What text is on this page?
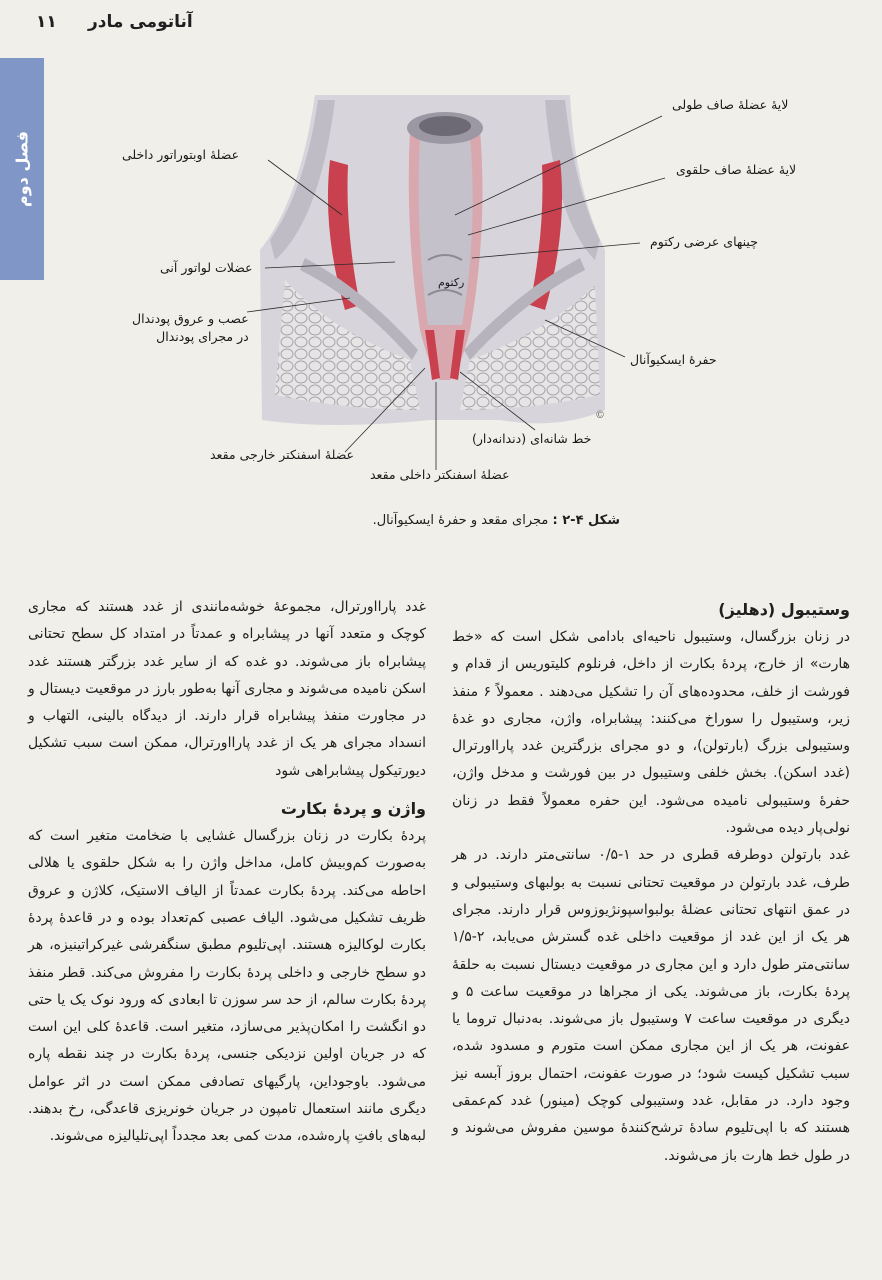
آناتومی مادر
۱۱
فصل دوم
©
لایهٔ عضلهٔ صاف طولی
لایهٔ عضلهٔ صاف حلقوی
چینهای عرضی رکتوم
حفرهٔ ایسکیوآنال
خط شانه‌ای (دندانه‌دار)
عضلهٔ اسفنکتر داخلی مقعد
عضلهٔ اسفنکتر خارجی مقعد
عصب و عروق پودندال
در مجرای پودندال
عضلات لواتور آنی
عضلهٔ اوبتوراتور داخلی
رکتوم
شکل ۴-۲ : مجرای مقعد و حفرهٔ ایسکیوآنال.

وستیبول (دهلیز)

در زنان بزرگسال، وستیبول ناحیه‌ای بادامی شکل است که «خط هارت» از خارج، پردهٔ بکارت از داخل، فرنلوم کلیتوریس از قدام و فورشت از خلف، محدوده‌های آن را تشکیل می‌دهند . معمولاً ۶ منفذ زیر، وستیبول را سوراخ می‌کنند: پیشابراه، واژن، مجاری دو غدهٔ وستیبولی بزرگ (بارتولن)، و دو مجرای بزرگترین غدد پارااورترال (غدد اسکن). بخش خلفی وستیبول در بین فورشت و مدخل واژن، حفرهٔ وستیبولی نامیده می‌شود. این حفره معمولاً فقط در زنان نولی‌پار دیده می‌شود.

غدد بارتولن دوطرفه قطری در حد ۱-۰/۵ سانتی‌متر دارند. در هر طرف، غدد بارتولن در موقعیت تحتانی نسبت به بولبهای وستیبولی و در عمق انتهای تحتانی عضلهٔ بولبواسپونژیوزوس قرار دارند. مجرای هر یک از این غدد از موقعیت داخلی غده گسترش می‌یابد، ۲-۱/۵ سانتی‌متر طول دارد و این مجاری در موقعیت دیستال نسبت به حلقهٔ پردهٔ بکارت، باز می‌شوند. یکی از مجراها در موقعیت ساعت ۵ و دیگری در موقعیت ساعت ۷ وستیبول باز می‌شوند. به‌دنبال تروما یا عفونت، هر یک از این مجاری ممکن است متورم و مسدود شده، سبب تشکیل کیست شود؛ در صورت عفونت، احتمال بروز آبسه نیز وجود دارد. در مقابل، غدد وستیبولی کوچک (مینور) غدد کم‌عمقی هستند که با اپی‌تلیوم سادهٔ ترشح‌کنندهٔ موسین مفروش می‌شوند و در طول خط هارت باز می‌شوند.

غدد پارااورترال، مجموعهٔ خوشه‌مانندی از غدد هستند که مجاری کوچک و متعدد آنها در پیشابراه و عمدتاً در امتداد کل سطح تحتانی پیشابراه باز می‌شوند. دو غده که از سایر غدد بزرگتر هستند غدد اسکن نامیده می‌شوند و مجاری آنها به‌طور بارز در موقعیت دیستال و در مجاورت منفذ پیشابراه قرار دارند. از دیدگاه بالینی، التهاب و انسداد مجرای هر یک از غدد پارااورترال، ممکن است سبب تشکیل دیورتیکول پیشابراهی شود

واژن و پردهٔ بکارت

پردهٔ بکارت در زنان بزرگسال غشایی با ضخامت متغیر است که به‌صورت کم‌وبیش کامل، مداخل واژن را به شکل حلقوی یا هلالی احاطه می‌کند. پردهٔ بکارت عمدتاً از الیاف الاستیک، کلاژن و عروق ظریف تشکیل می‌شود. الیاف عصبی کم‌تعداد بوده و در قاعدهٔ پردهٔ بکارت لوکالیزه هستند. اپی‌تلیوم مطبق سنگفرشی غیرکراتینیزه، هر دو سطح خارجی و داخلی پردهٔ بکارت را مفروش می‌کند. قطر منفذ پردهٔ بکارت سالم، از حد سر سوزن تا ابعادی که ورود نوک یک یا حتی دو انگشت را امکان‌پذیر می‌سازد، متغیر است. قاعدهٔ کلی این است که در جریان اولین نزدیکی جنسی، پردهٔ بکارت در چند نقطه پاره می‌شود. باوجوداین، پارگیهای تصادفی ممکن است در اثر عوامل دیگری مانند استعمال تامپون در جریان خونریزی قاعدگی، رخ بدهند. لبه‌های بافتِ پاره‌شده، مدت کمی بعد مجدداً اپی‌تلیالیزه می‌شوند.
